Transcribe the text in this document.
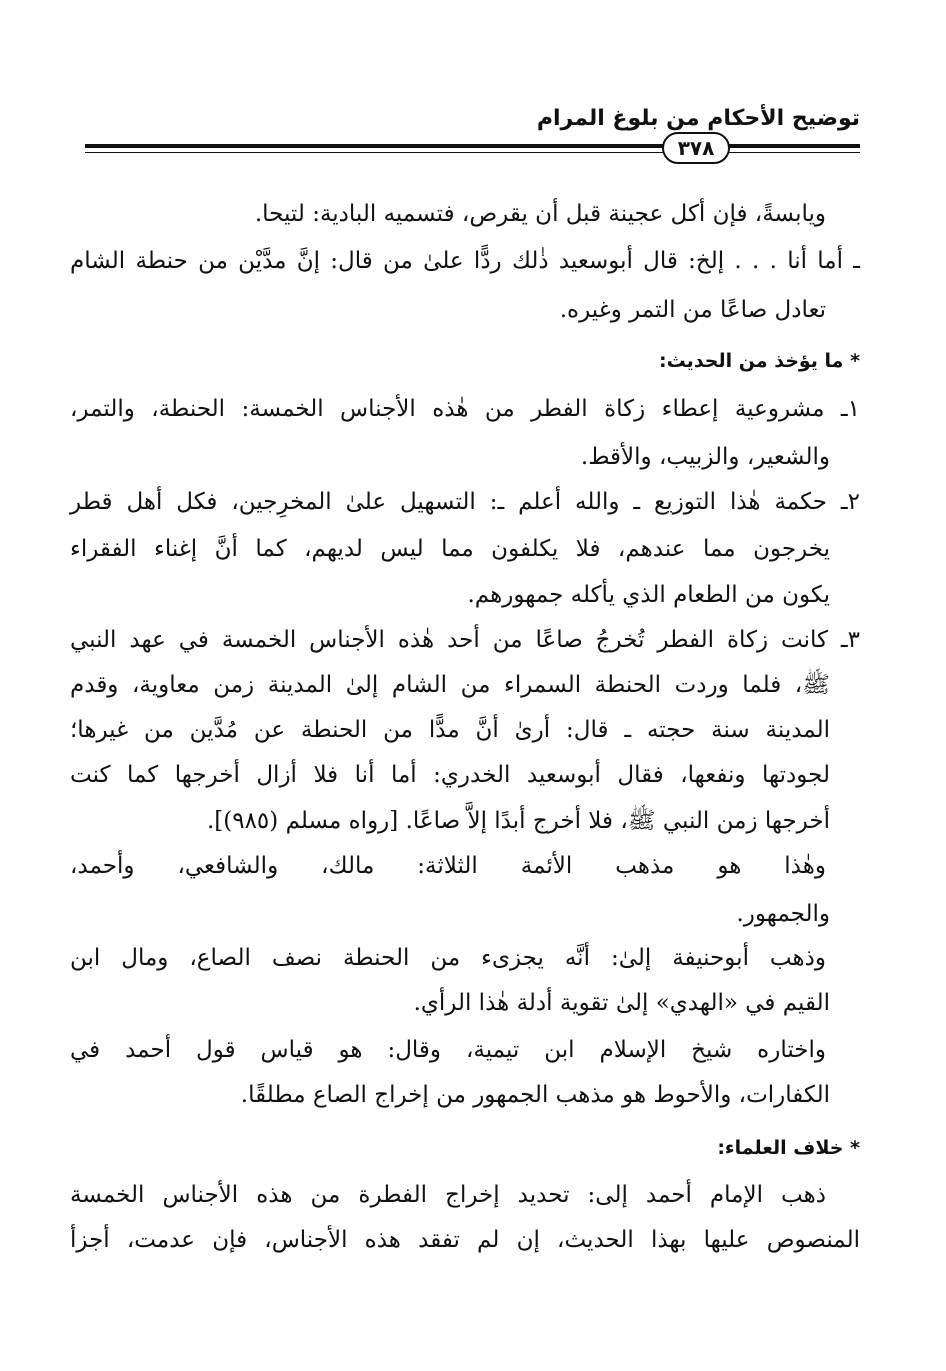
توضيح الأحكام من بلوغ المرام
٣٧٨
ويابسةً، فإن أكل عجينة قبل أن يقرص، فتسميه البادية: لتيحا.
ـ أما أنا . . . إلخ: قال أبوسعيد ذٰلك ردًّا علىٰ من قال: إنَّ مدَّيْن من حنطة الشام
تعادل صاعًا من التمر وغيره.
* ما يؤخذ من الحديث:
١ـ مشروعية إعطاء زكاة الفطر من هٰذه الأجناس الخمسة: الحنطة، والتمر،
والشعير، والزبيب، والأقط.
٢ـ حكمة هٰذا التوزيع ـ والله أعلم ـ: التسهيل علىٰ المخرِجين، فكل أهل قطر
يخرجون مما عندهم، فلا يكلفون مما ليس لديهم، كما أنَّ إغناء الفقراء
يكون من الطعام الذي يأكله جمهورهم.
٣ـ كانت زكاة الفطر تُخرجُ صاعًا من أحد هٰذه الأجناس الخمسة في عهد النبي
ﷺ، فلما وردت الحنطة السمراء من الشام إلىٰ المدينة زمن معاوية، وقدم
المدينة سنة حجته ـ قال: أرىٰ أنَّ مدًّا من الحنطة عن مُدَّين من غيرها؛
لجودتها ونفعها، فقال أبوسعيد الخدري: أما أنا فلا أزال أخرجها كما كنت
أخرجها زمن النبي ﷺ، فلا أخرج أبدًا إلاَّ صاعًا. [رواه مسلم (٩٨٥)].
وهٰذا هو مذهب الأئمة الثلاثة: مالك، والشافعي، وأحمد،
والجمهور.
وذهب أبوحنيفة إلىٰ: أنَّه يجزىء من الحنطة نصف الصاع، ومال ابن
القيم في «الهدي» إلىٰ تقوية أدلة هٰذا الرأي.
واختاره شيخ الإسلام ابن تيمية، وقال: هو قياس قول أحمد في
الكفارات، والأحوط هو مذهب الجمهور من إخراج الصاع مطلقًا.
* خلاف العلماء:
ذهب الإمام أحمد إلى: تحديد إخراج الفطرة من هذه الأجناس الخمسة
المنصوص عليها بهذا الحديث، إن لم تفقد هذه الأجناس، فإن عدمت، أجزأ
